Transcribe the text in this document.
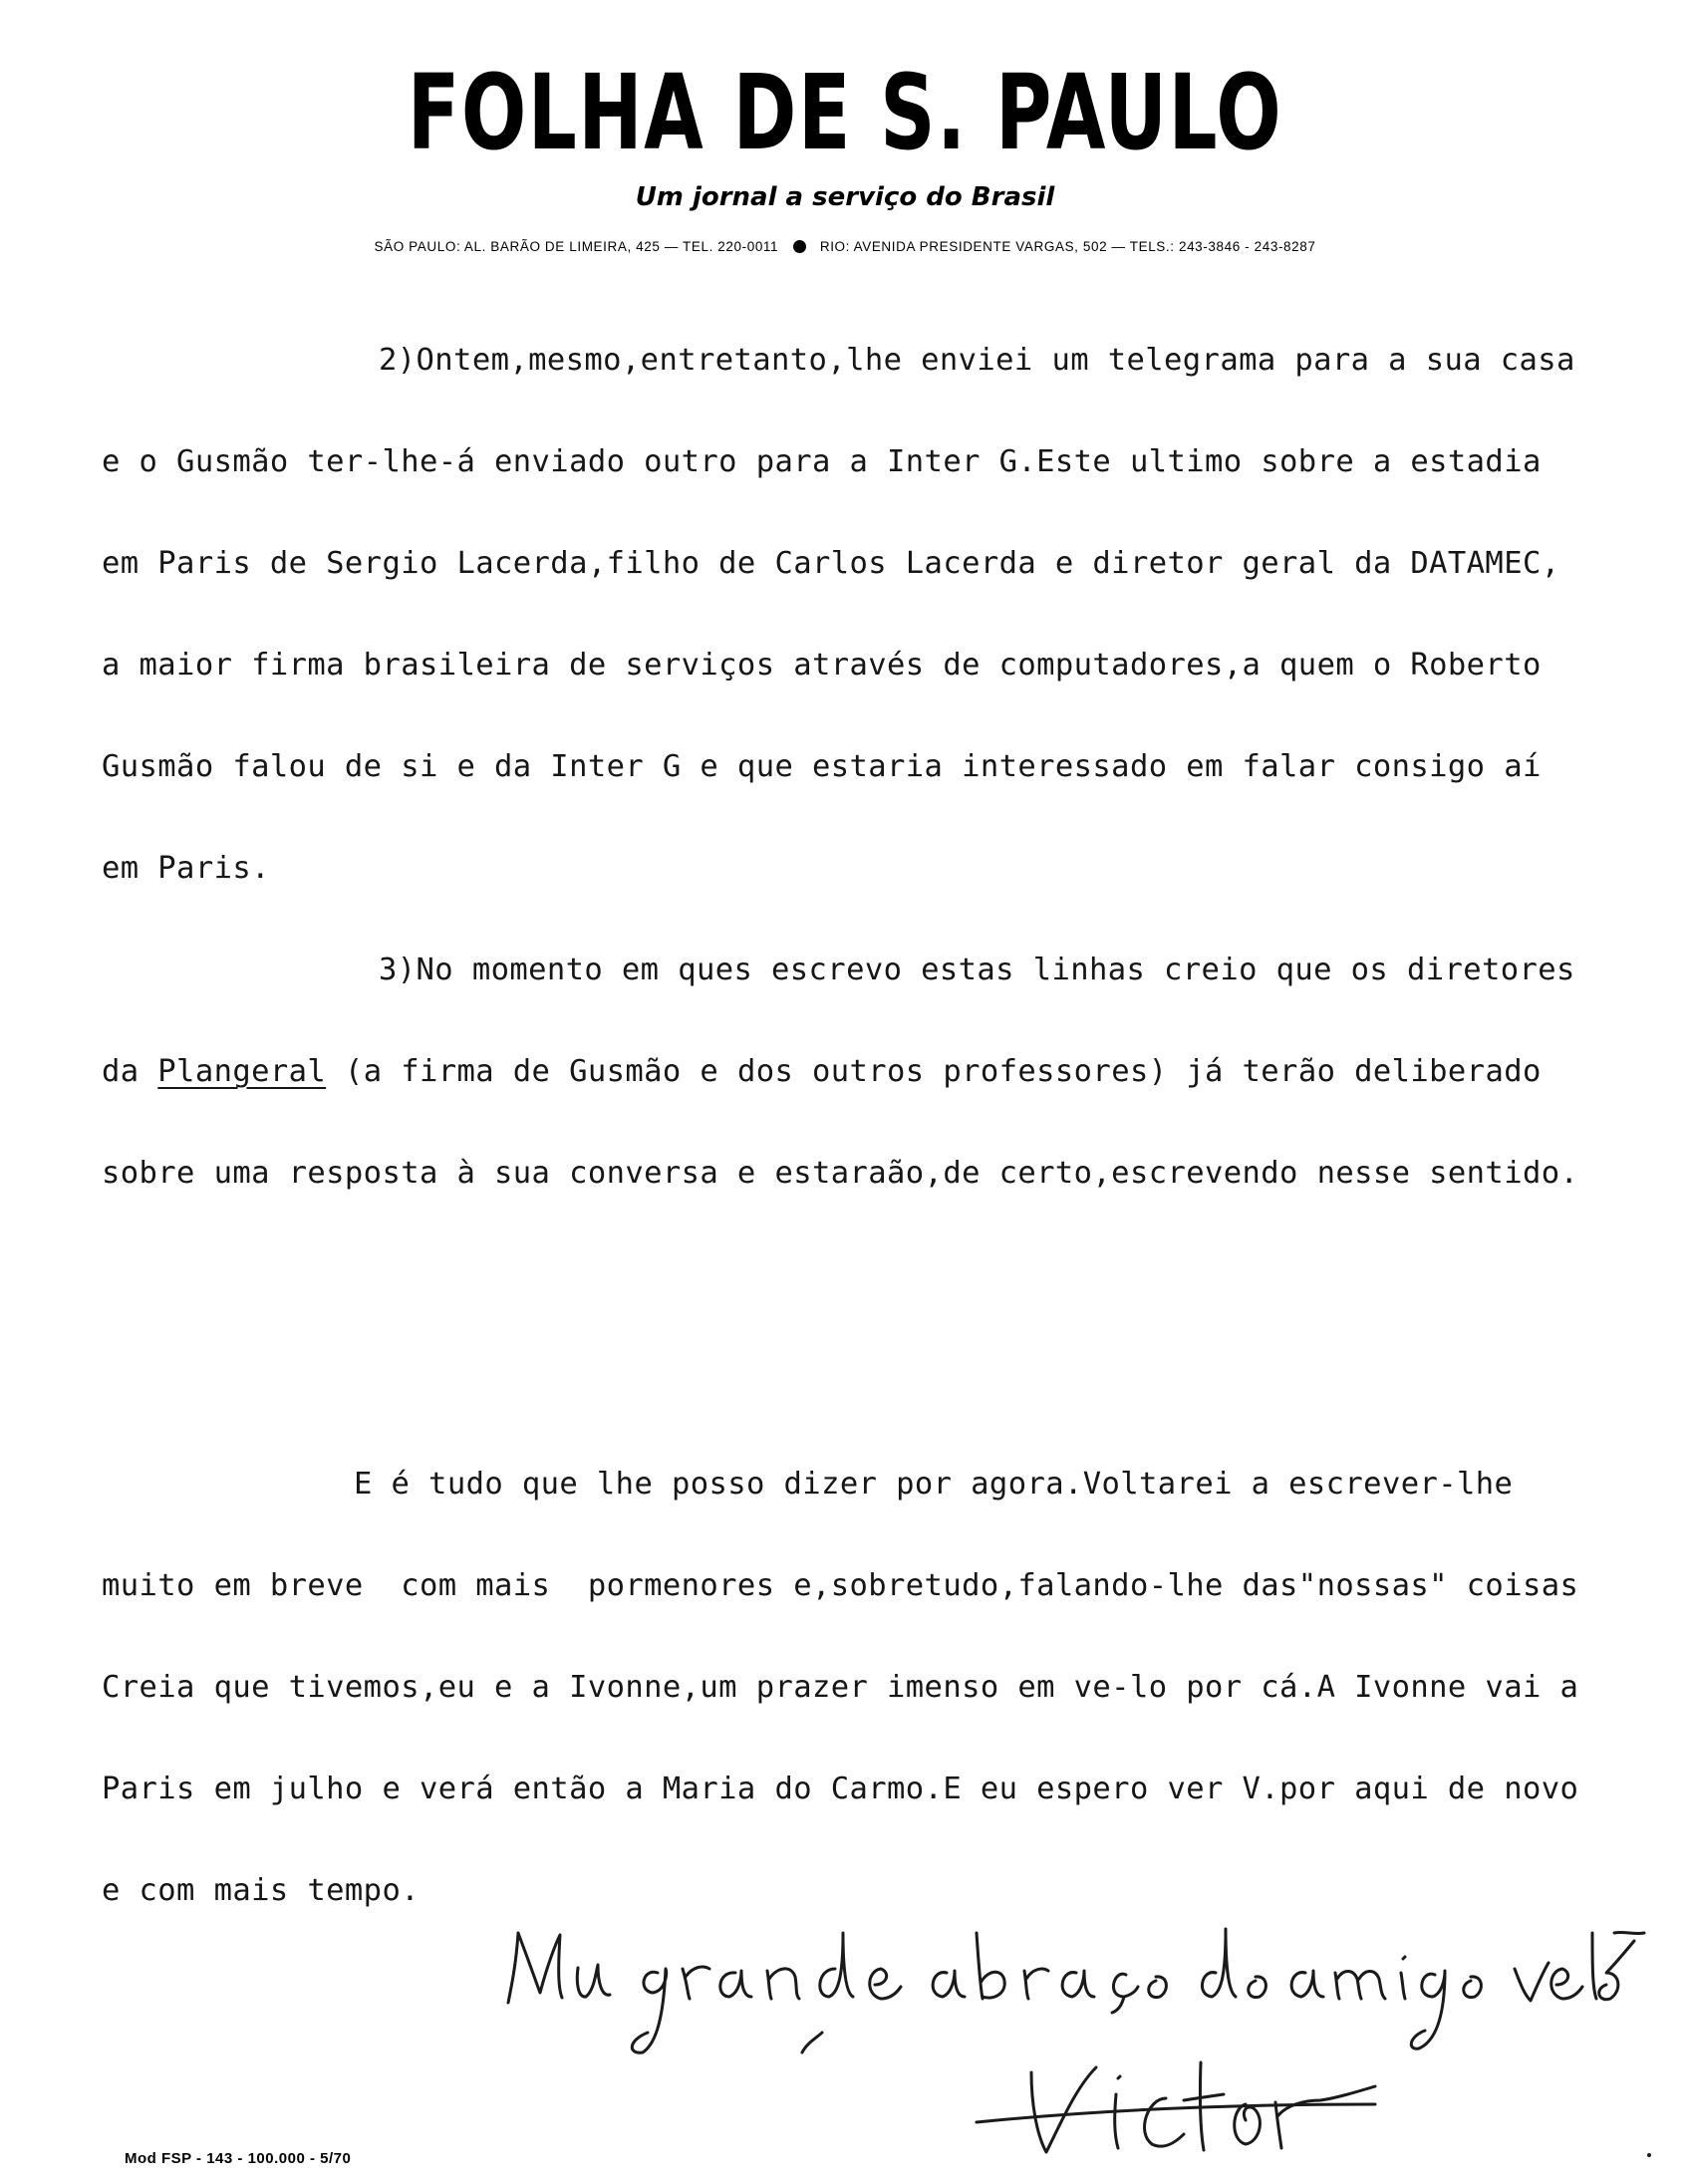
FOLHA DE S. PAULO
Um jornal a serviço do Brasil
SÃO PAULO: AL. BARÃO DE LIMEIRA, 425 — TEL. 220-0011	RIO: AVENIDA PRESIDENTE VARGAS, 502 — TELS.: 243-3846 - 243-8287
2)Ontem,mesmo,entretanto,lhe enviei um telegrama para a sua casa
e o Gusmão ter-lhe-á enviado outro para a Inter G.Este ultimo sobre a estadia
em Paris de Sergio Lacerda,filho de Carlos Lacerda e diretor geral da DATAMEC,
a maior firma brasileira de serviços através de computadores,a quem o Roberto
Gusmão falou de si e da Inter G e que estaria interessado em falar consigo aí
em Paris.
3)No momento em ques escrevo estas linhas creio que os diretores
da Plangeral (a firma de Gusmão e dos outros professores) já terão deliberado
sobre uma resposta à sua conversa e estaraão,de certo,escrevendo nesse sentido.
E é tudo que lhe posso dizer por agora.Voltarei a escrever-lhe
muito em breve  com mais  pormenores e,sobretudo,falando-lhe das"nossas" coisas
Creia que tivemos,eu e a Ivonne,um prazer imenso em ve-lo por cá.A Ivonne vai a
Paris em julho e verá então a Maria do Carmo.E eu espero ver V.por aqui de novo
e com mais tempo.
Mod FSP - 143 - 100.000 - 5/70
